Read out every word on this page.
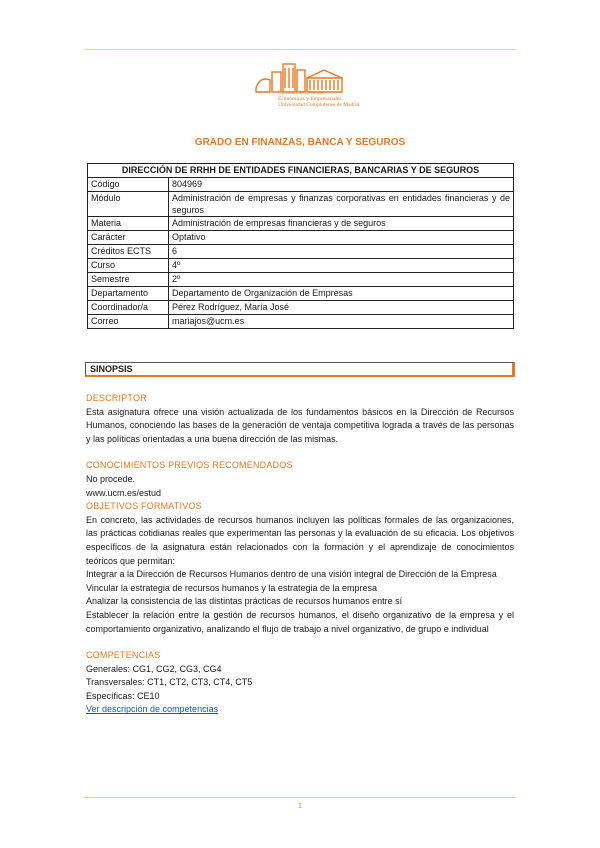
Facultad de Ciencias
Económicas y Empresariales
Universidad Complutense de Madrid
GRADO EN FINANZAS, BANCA Y SEGUROS
DIRECCIÓN DE RRHH DE ENTIDADES FINANCIERAS, BANCARIAS Y DE SEGUROS	
Código	804969
Módulo	Administración de empresas y finanzas corporativas en entidades financieras y de seguros
Materia	Administración de empresas financieras y de seguros
Carácter	Optativo
Créditos ECTS	6
Curso	4º
Semestre	2º
Departamento	Departamento de Organización de Empresas
Coordinador/a	Pérez Rodríguez, María José
Correo	mariajos@ucm.es
SINOPSIS
DESCRIPTOR
Esta asignatura ofrece una visión actualizada de los fundamentos básicos en la Dirección de Recursos Humanos, conociendo las bases de la generación de ventaja competitiva lograda a través de las personas y las políticas orientadas a una buena dirección de las mismas.
CONOCIMIENTOS PREVIOS RECOMENDADOS
No procede.
www.ucm.es/estud
OBJETIVOS FORMATIVOS
En concreto, las actividades de recursos humanos incluyen las políticas formales de las organizaciones, las prácticas cotidianas reales que experimentan las personas y la evaluación de su eficacia. Los objetivos específicos de la asignatura están relacionados con la formación y el aprendizaje de conocimientos teóricos que permitan:
Integrar a la Dirección de Recursos Humanos dentro de una visión integral de Dirección de la Empresa
Vincular la estrategia de recursos humanos y la estrategia de la empresa
Analizar la consistencia de las distintas prácticas de recursos humanos entre sí
Establecer la relación entre la gestión de recursos humanos, el diseño organizativo de la empresa y el comportamiento organizativo, analizando el flujo de trabajo a nivel organizativo, de grupo e individual
COMPETENCIAS
Generales: CG1, CG2, CG3, CG4
Transversales: CT1, CT2, CT3, CT4, CT5
Específicas: CE10
Ver descripción de competencias
1
